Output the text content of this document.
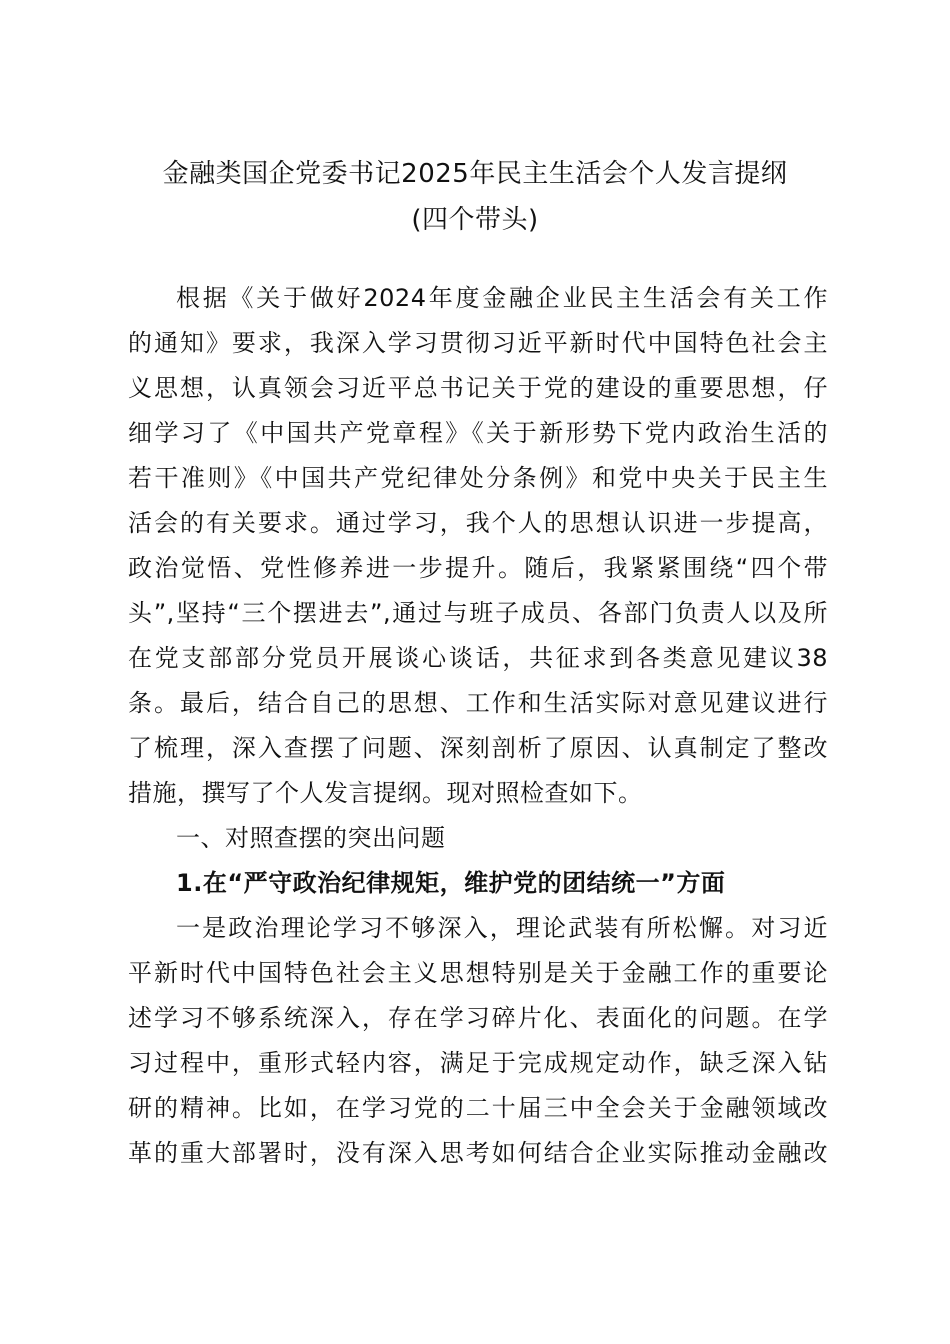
金融类国企党委书记2025年民主生活会个人发言提纲
(四个带头)

根据《关于做好2024年度金融企业民主生活会有关工作

的通知》要求，我深入学习贯彻习近平新时代中国特色社会主

义思想，认真领会习近平总书记关于党的建设的重要思想，仔

细学习了《中国共产党章程》《关于新形势下党内政治生活的

若干准则》《中国共产党纪律处分条例》和党中央关于民主生

活会的有关要求。通过学习，我个人的思想认识进一步提高，

政治觉悟、党性修养进一步提升。随后，我紧紧围绕“四个带

头”,坚持“三个摆进去”,通过与班子成员、各部门负责人以及所

在党支部部分党员开展谈心谈话，共征求到各类意见建议38

条。最后，结合自己的思想、工作和生活实际对意见建议进行

了梳理，深入查摆了问题、深刻剖析了原因、认真制定了整改

措施，撰写了个人发言提纲。现对照检查如下。

一、对照查摆的突出问题
1.在“严守政治纪律规矩，维护党的团结统一”方面

一是政治理论学习不够深入，理论武装有所松懈。对习近

平新时代中国特色社会主义思想特别是关于金融工作的重要论

述学习不够系统深入，存在学习碎片化、表面化的问题。在学

习过程中，重形式轻内容，满足于完成规定动作，缺乏深入钻

研的精神。比如，在学习党的二十届三中全会关于金融领域改

革的重大部署时，没有深入思考如何结合企业实际推动金融改
